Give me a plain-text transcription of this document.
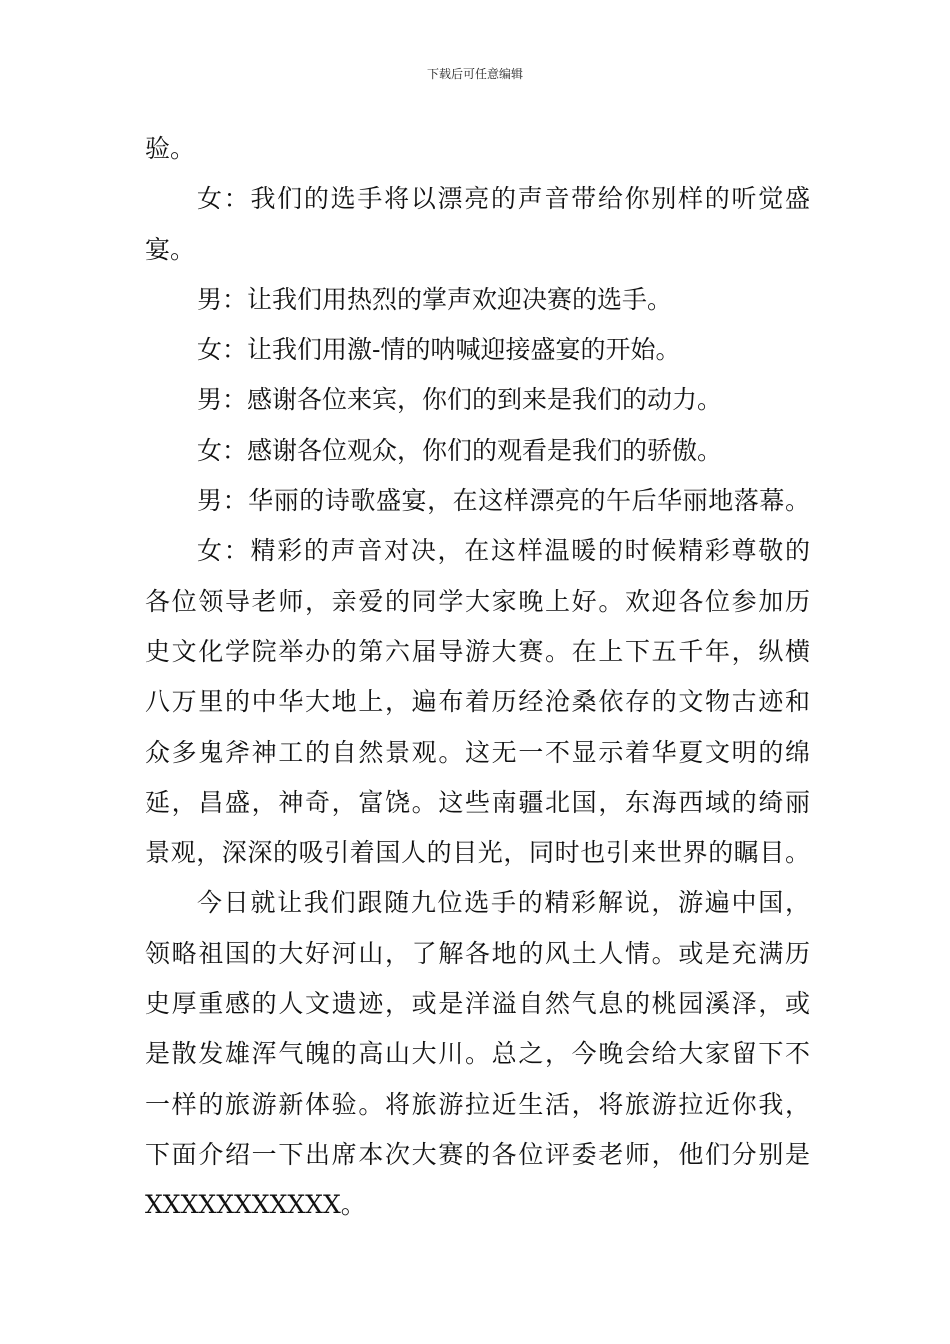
下载后可任意编辑
验。
女：我们的选手将以漂亮的声音带给你别样的听觉盛
宴。
男：让我们用热烈的掌声欢迎决赛的选手。
女：让我们用激-情的呐喊迎接盛宴的开始。
男：感谢各位来宾，你们的到来是我们的动力。
女：感谢各位观众，你们的观看是我们的骄傲。
男：华丽的诗歌盛宴，在这样漂亮的午后华丽地落幕。
女：精彩的声音对决，在这样温暖的时候精彩尊敬的
各位领导老师，亲爱的同学大家晚上好。欢迎各位参加历
史文化学院举办的第六届导游大赛。在上下五千年，纵横
八万里的中华大地上，遍布着历经沧桑依存的文物古迹和
众多鬼斧神工的自然景观。这无一不显示着华夏文明的绵
延，昌盛，神奇，富饶。这些南疆北国，东海西域的绮丽
景观，深深的吸引着国人的目光，同时也引来世界的瞩目。
今日就让我们跟随九位选手的精彩解说，游遍中国，
领略祖国的大好河山，了解各地的风土人情。或是充满历
史厚重感的人文遗迹，或是洋溢自然气息的桃园溪泽，或
是散发雄浑气魄的高山大川。总之，今晚会给大家留下不
一样的旅游新体验。将旅游拉近生活，将旅游拉近你我，
下面介绍一下出席本次大赛的各位评委老师，他们分别是
XXXXXXXXXXX。
